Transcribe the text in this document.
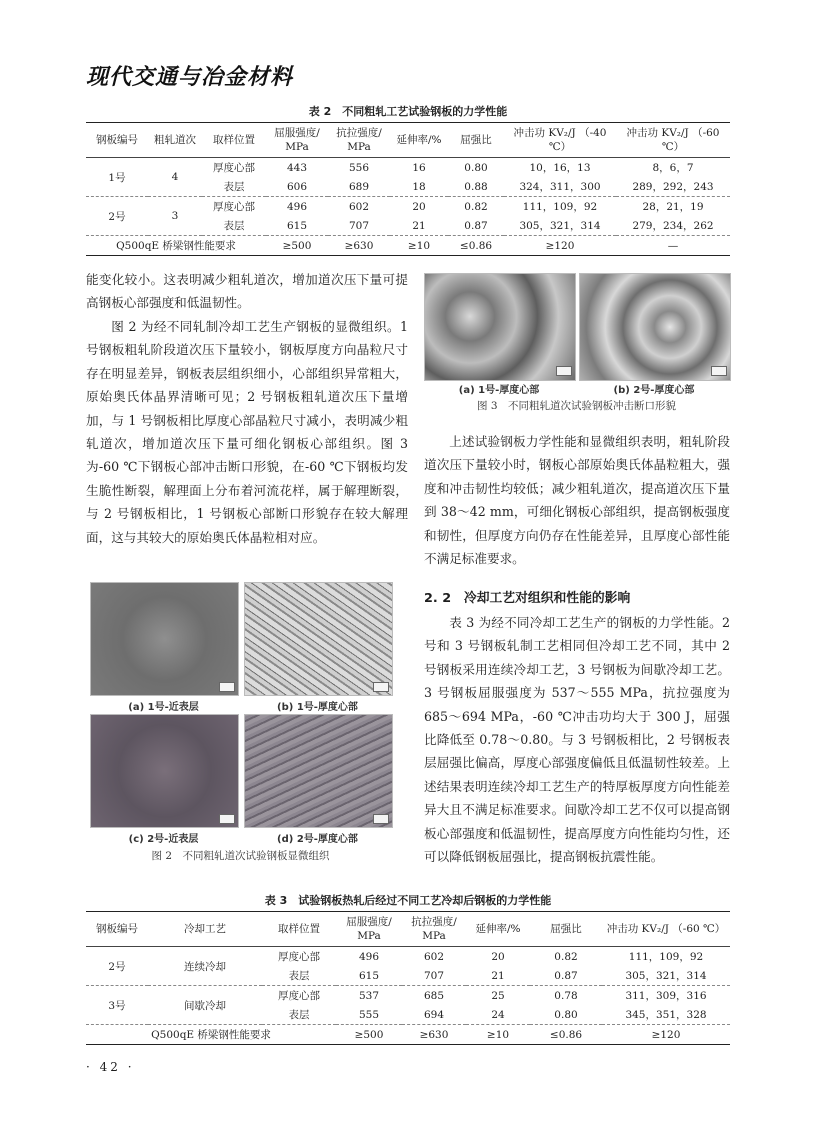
现代交通与冶金材料
表 2　不同粗轧工艺试验钢板的力学性能
钢板编号	粗轧道次	取样位置	屈服强度/ MPa	抗拉强度/ MPa	延伸率/%	屈强比	冲击功 KV₂/J （-40 ℃）	冲击功 KV₂/J （-60 ℃）
1号	4	厚度心部	443	556	16	0.80	10，16，13	8，6，7
		表层	606	689	18	0.88	324，311，300	289，292，243
2号	3	厚度心部	496	602	20	0.82	111，109，92	28，21，19
		表层	615	707	21	0.87	305，321，314	279，234，262
Q500qE 桥梁钢性能要求			≥500	≥630	≥10	≤0.86	≥120	—

能变化较小。这表明减少粗轧道次，增加道次压下量可提高钢板心部强度和低温韧性。

图 2 为经不同轧制冷却工艺生产钢板的显微组织。1 号钢板粗轧阶段道次压下量较小，钢板厚度方向晶粒尺寸存在明显差异，钢板表层组织细小，心部组织异常粗大，原始奥氏体晶界清晰可见；2 号钢板粗轧道次压下量增加，与 1 号钢板相比厚度心部晶粒尺寸减小，表明减少粗轧道次，增加道次压下量可细化钢板心部组织。图 3 为-60 ℃下钢板心部冲击断口形貌，在-60 ℃下钢板均发生脆性断裂，解理面上分布着河流花样，属于解理断裂，与 2 号钢板相比，1 号钢板心部断口形貌存在较大解理面，这与其较大的原始奥氏体晶粒相对应。

(a) 1号-厚度心部	(b) 2号-厚度心部
图 3　不同粗轧道次试验钢板冲击断口形貌

上述试验钢板力学性能和显微组织表明，粗轧阶段道次压下量较小时，钢板心部原始奥氏体晶粒粗大，强度和冲击韧性均较低；减少粗轧道次，提高道次压下量到 38～42 mm，可细化钢板心部组织，提高钢板强度和韧性，但厚度方向仍存在性能差异，且厚度心部性能不满足标准要求。

2. 2　冷却工艺对组织和性能的影响

表 3 为经不同冷却工艺生产的钢板的力学性能。2 号和 3 号钢板轧制工艺相同但冷却工艺不同，其中 2 号钢板采用连续冷却工艺，3 号钢板为间歇冷却工艺。3 号钢板屈服强度为 537～555 MPa，抗拉强度为 685～694 MPa，-60 ℃冲击功均大于 300 J，屈强比降低至 0.78～0.80。与 3 号钢板相比，2 号钢板表层屈强比偏高，厚度心部强度偏低且低温韧性较差。上述结果表明连续冷却工艺生产的特厚板厚度方向性能差异大且不满足标准要求。间歇冷却工艺不仅可以提高钢板心部强度和低温韧性，提高厚度方向性能均匀性，还可以降低钢板屈强比，提高钢板抗震性能。

(a) 1号-近表层	(b) 1号-厚度心部
(c) 2号-近表层	(d) 2号-厚度心部
图 2　不同粗轧道次试验钢板显微组织
表 3　试验钢板热轧后经过不同工艺冷却后钢板的力学性能
钢板编号	冷却工艺	取样位置	屈服强度/ MPa	抗拉强度/ MPa	延伸率/%	屈强比	冲击功 KV₂/J （-60 ℃）
2号	连续冷却	厚度心部	496	602	20	0.82	111，109，92
		表层	615	707	21	0.87	305，321，314
3号	间歇冷却	厚度心部	537	685	25	0.78	311，309，316
		表层	555	694	24	0.80	345，351，328
Q500qE 桥梁钢性能要求			≥500	≥630	≥10	≤0.86	≥120
· 42 ·
